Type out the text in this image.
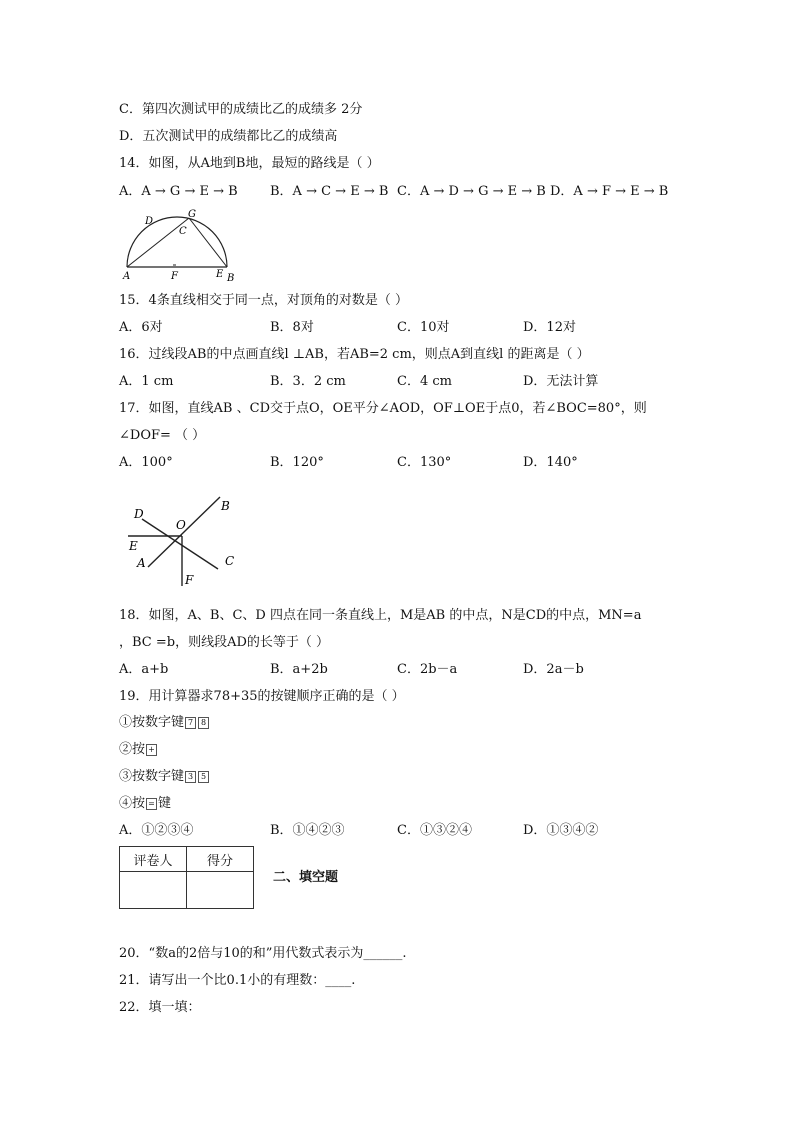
C．第四次测试甲的成绩比乙的成绩多 2分
D．五次测试甲的成绩都比乙的成绩高
14．如图，从A地到B地，最短的路线是（ ）
A．A → G → E → B B．A → C → E → B C．A → D → G → E → B D．A → F → E → B
A	F	E B
D
G
C
15．4条直线相交于同一点，对顶角的对数是（ ）
A．6对	B．8对	C．10对	D．12对
16．过线段AB的中点画直线l ⊥AB，若AB=2 cm，则点A到直线l 的距离是（ ）
A．1 cm	B．3．2 cm	C．4 cm	D．无法计算
17．如图，直线AB 、CD交于点O，OE平分∠AOD，OF⊥OE于点0，若∠BOC=80°，则
∠DOF= （ ）
A．100°	B．120°	C．130°	D．140°
D
O
B
E
A	C
F
18．如图，A、B、C、D 四点在同一条直线上，M是AB 的中点，N是CD的中点，MN=a
，BC =b，则线段AD的长等于（ ）
A．a+b	B．a+2b	C．2b－a	D．2a－b
19．用计算器求78+35的按键顺序正确的是（ ）
①按数字键 7 8
②按 +
③按数字键 3 5
④按 = 键
A．①②③④	B．①④②③	C．①③②④	D．①③④②
评卷人	得分

二、填空题
20．“数a的2倍与10的和”用代数式表示为______.
21．请写出一个比0.1小的有理数：____.
22．填一填：
